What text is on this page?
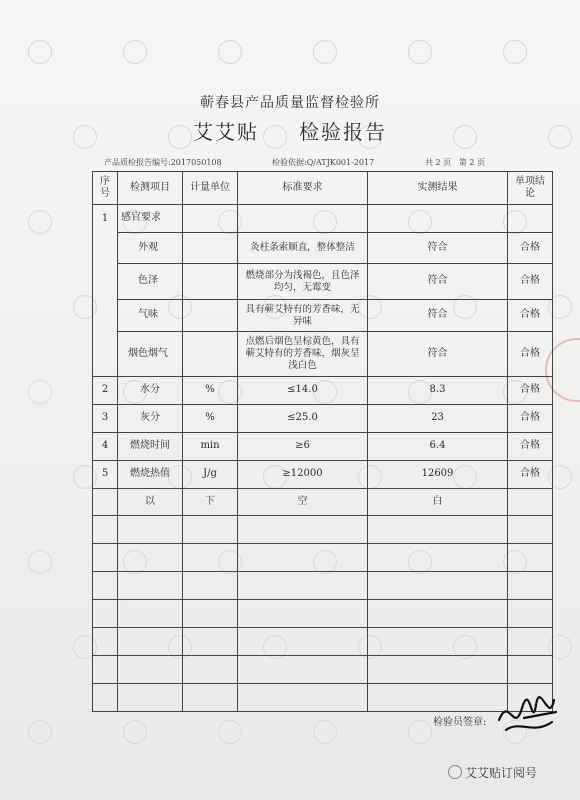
蕲春县产品质量监督检验所
艾艾贴 检验报告
产品质检报告编号:2017050108	检验依据:Q/ATJK001-2017	共 2 页 第 2 页
序号	检测项目	计量单位	标准要求	实测结果	单项结论
1	感官要求				
	外观		灸柱条索顺直，整体整洁	符合	合格
	色泽		燃烧部分为浅褐色，且色泽均匀，无霉变	符合	合格
	气味		具有蕲艾特有的芳香味，无异味	符合	合格
	烟色烟气		点燃后烟色呈棕黄色，具有蕲艾特有的芳香味，烟灰呈浅白色	符合	合格
2	水分	%	≤14.0	8.3	合格
3	灰分	%	≤25.0	23	合格
4	燃烧时间	min	≥6	6.4	合格
5	燃烧热值	J/g	≥12000	12609	合格
	以	下	空	白	

检验员签章:
艾艾贴订阅号
